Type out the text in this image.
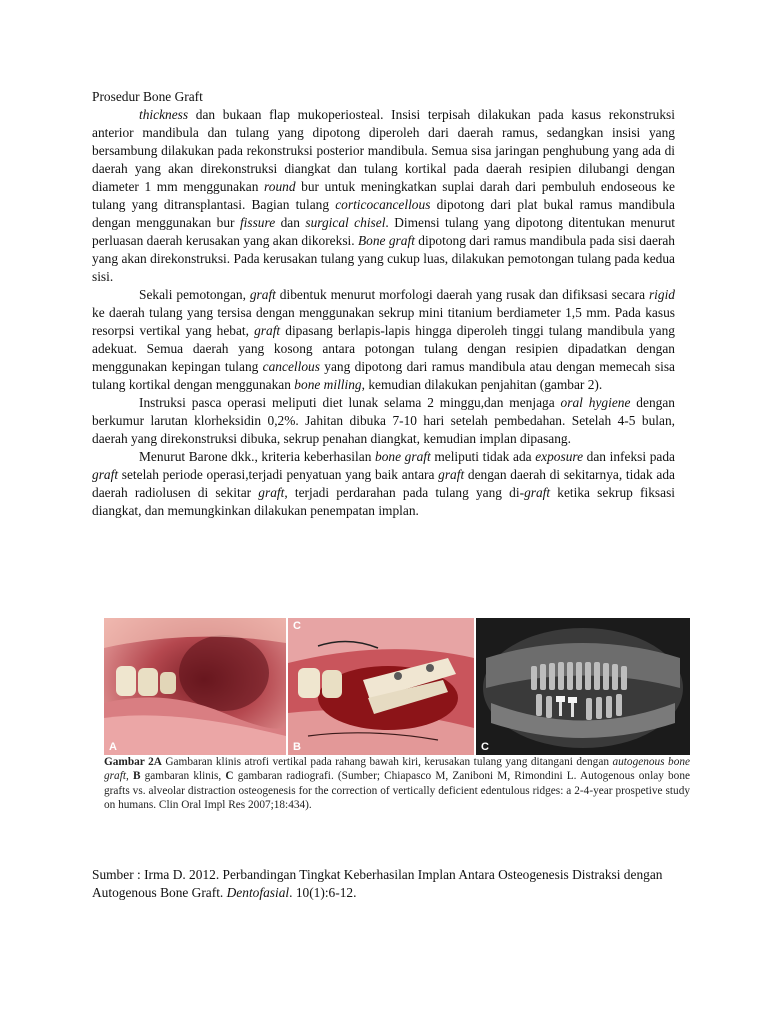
Prosedur Bone Graft

thickness dan bukaan flap mukoperiosteal. Insisi terpisah dilakukan pada kasus rekonstruksi anterior mandibula dan tulang yang dipotong diperoleh dari daerah ramus, sedangkan insisi yang bersambung dilakukan pada rekonstruksi posterior mandibula. Semua sisa jaringan penghubung yang ada di daerah yang akan direkonstruksi diangkat dan tulang kortikal pada daerah resipien dilubangi dengan diameter 1 mm menggunakan round bur untuk meningkatkan suplai darah dari pembuluh endoseous ke tulang yang ditransplantasi. Bagian tulang corticocancellous dipotong dari plat bukal ramus mandibula dengan menggunakan bur fissure dan surgical chisel. Dimensi tulang yang dipotong ditentukan menurut perluasan daerah kerusakan yang akan dikoreksi. Bone graft dipotong dari ramus mandibula pada sisi daerah yang akan direkonstruksi. Pada kerusakan tulang yang cukup luas, dilakukan pemotongan tulang pada kedua sisi.

Sekali pemotongan, graft dibentuk menurut morfologi daerah yang rusak dan difiksasi secara rigid ke daerah tulang yang tersisa dengan menggunakan sekrup mini titanium berdiameter 1,5 mm. Pada kasus resorpsi vertikal yang hebat, graft dipasang berlapis-lapis hingga diperoleh tinggi tulang mandibula yang adekuat. Semua daerah yang kosong antara potongan tulang dengan resipien dipadatkan dengan menggunakan kepingan tulang cancellous yang dipotong dari ramus mandibula atau dengan memecah sisa tulang kortikal dengan menggunakan bone milling, kemudian dilakukan penjahitan (gambar 2).

Instruksi pasca operasi meliputi diet lunak selama 2 minggu,dan menjaga oral hygiene dengan berkumur larutan klorheksidin 0,2%. Jahitan dibuka 7-10 hari setelah pembedahan. Setelah 4-5 bulan, daerah yang direkonstruksi dibuka, sekrup penahan diangkat, kemudian implan dipasang.

Menurut Barone dkk., kriteria keberhasilan bone graft meliputi tidak ada exposure dan infeksi pada graft setelah periode operasi,terjadi penyatuan yang baik antara graft dengan daerah di sekitarnya, tidak ada daerah radiolusen di sekitar graft, terjadi perdarahan pada tulang yang di-graft ketika sekrup fiksasi diangkat, dan memungkinkan dilakukan penempatan implan.

A
C
B	C
Gambar 2A Gambaran klinis atrofi vertikal pada rahang bawah kiri, kerusakan tulang yang ditangani dengan autogenous bone graft, B gambaran klinis, C gambaran radiografi. (Sumber; Chiapasco M, Zaniboni M, Rimondini L. Autogenous onlay bone grafts vs. alveolar distraction osteogenesis for the correction of vertically deficient edentulous ridges: a 2-4-year prospetive study on humans. Clin Oral Impl Res 2007;18:434).
Sumber : Irma D. 2012. Perbandingan Tingkat Keberhasilan Implan Antara Osteogenesis Distraksi dengan Autogenous Bone Graft. Dentofasial. 10(1):6-12.
